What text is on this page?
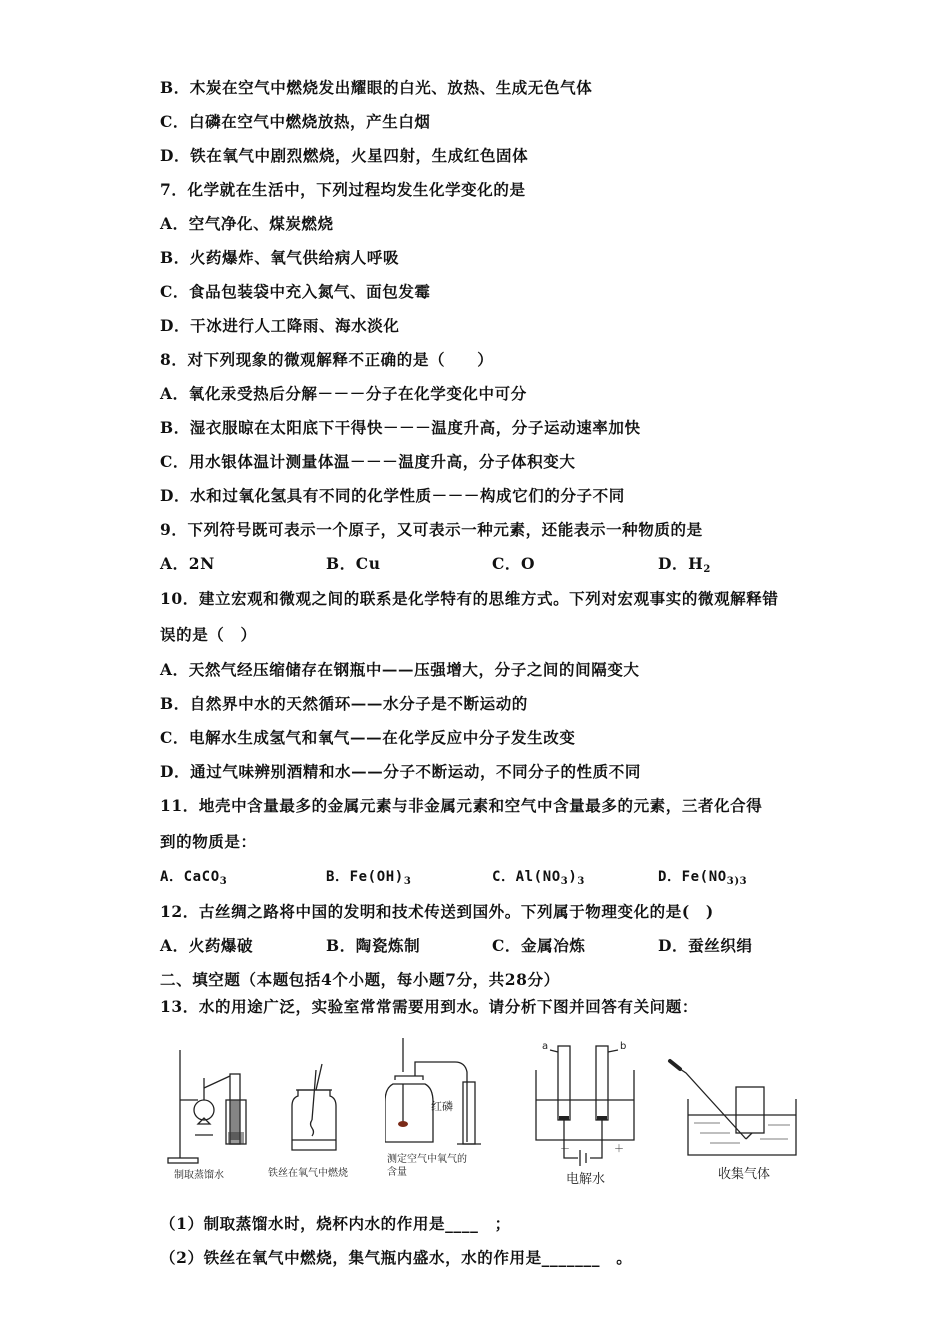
B．木炭在空气中燃烧发出耀眼的白光、放热、生成无色气体
C．白磷在空气中燃烧放热，产生白烟
D．铁在氧气中剧烈燃烧，火星四射，生成红色固体
7．化学就在生活中，下列过程均发生化学变化的是
A．空气净化、煤炭燃烧
B．火药爆炸、氧气供给病人呼吸
C．食品包装袋中充入氮气、面包发霉
D．干冰进行人工降雨、海水淡化
8．对下列现象的微观解释不正确的是（　　）
A．氧化汞受热后分解－－－分子在化学变化中可分
B．湿衣服晾在太阳底下干得快－－－温度升高，分子运动速率加快
C．用水银体温计测量体温－－－温度升高，分子体积变大
D．水和过氧化氢具有不同的化学性质－－－构成它们的分子不同
9．下列符号既可表示一个原子，又可表示一种元素，还能表示一种物质的是
A．2N	B．Cu	C．O	D．$H_2$
10．建立宏观和微观之间的联系是化学特有的思维方式。下列对宏观事实的微观解释错
误的是（　）
A．天然气经压缩储存在钢瓶中——压强增大，分子之间的间隔变大
B．自然界中水的天然循环——水分子是不断运动的
C．电解水生成氢气和氧气——在化学反应中分子发生改变
D．通过气味辨别酒精和水——分子不断运动，不同分子的性质不同
11．地壳中含量最多的金属元素与非金属元素和空气中含量最多的元素，三者化合得
到的物质是：
A．CaCO$_3$	B．$Fe(OH)_3$	C．$Al(NO_3)_3$	D．$Fe(NO_{3)3}$
12．古丝绸之路将中国的发明和技术传送到国外。下列属于物理变化的是(　)
A．火药爆破	B．陶瓷炼制	C．金属冶炼	D．蚕丝织绢
二、填空题（本题包括4个小题，每小题7分，共28分）
13．水的用途广泛，实验室常常需要用到水。请分析下图并回答有关问题：
制取蒸馏水	铁丝在氧气中燃烧
红磷
测定空气中氧气的
含量
a	b
－	＋
电解水	收集气体
（1）制取蒸馏水时，烧杯内水的作用是____　；
（2）铁丝在氧气中燃烧，集气瓶内盛水，水的作用是_______　。
